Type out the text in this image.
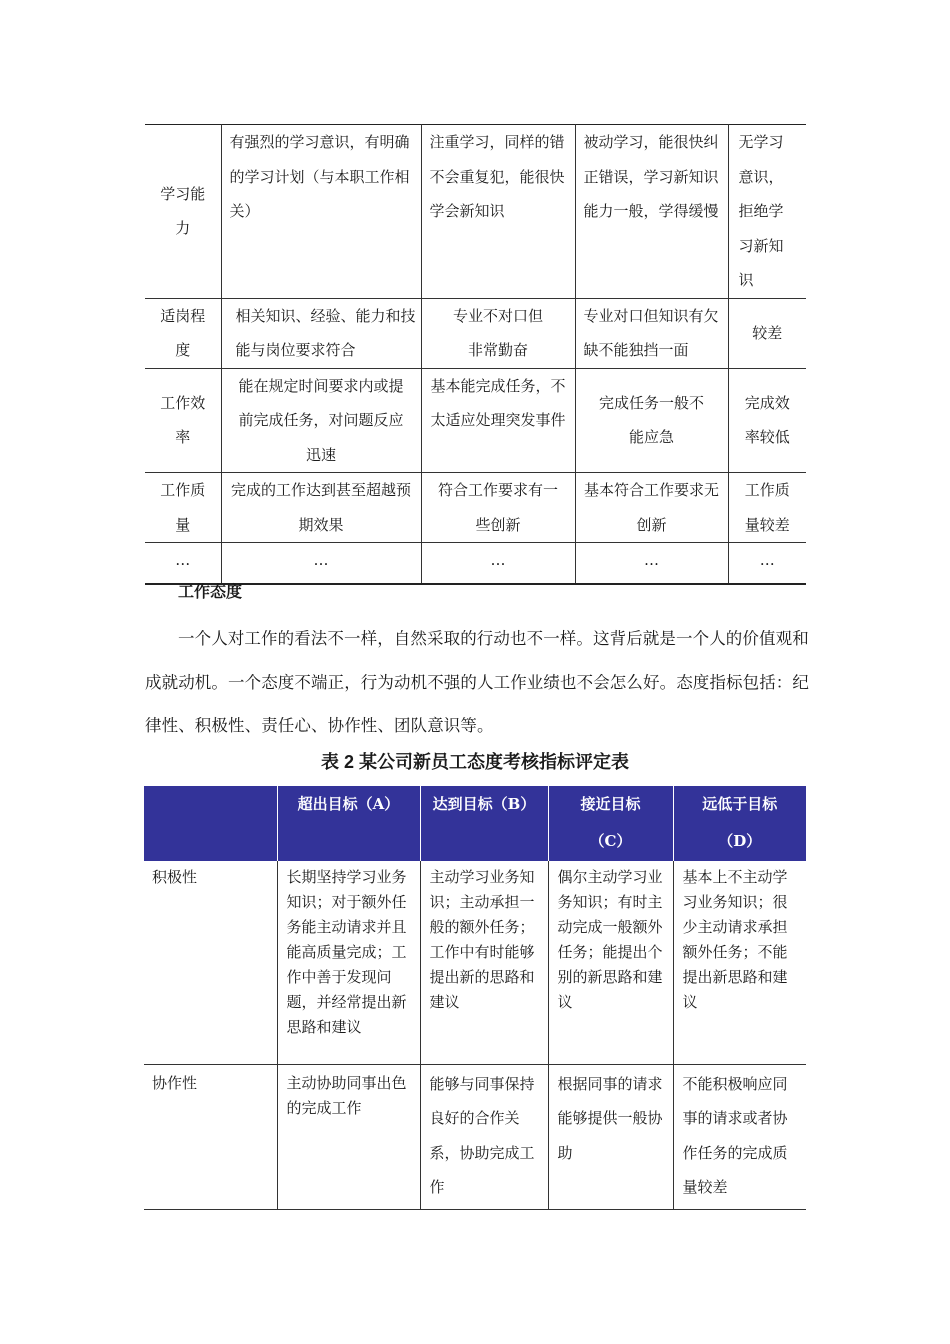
学习能力	有强烈的学习意识，有明确的学习计划（与本职工作相关）	注重学习，同样的错不会重复犯，能很快学会新知识	被动学习，能很快纠正错误，学习新知识能力一般，学得缓慢	无学习意识，拒绝学习新知识

适岗程度	相关知识、经验、能力和技能与岗位要求符合	专业不对口但非常勤奋	专业对口但知识有欠缺不能独挡一面	较差

工作效率	能在规定时间要求内或提前完成任务，对问题反应迅速	基本能完成任务，不太适应处理突发事件	完成任务一般不能应急	完成效率较低

工作质量	完成的工作达到甚至超越预期效果	符合工作要求有一些创新	基本符合工作要求无创新	工作质量较差

…	…	…	…	…
工作态度
一个人对工作的看法不一样，自然采取的行动也不一样。这背后就是一个人的价值观和成就动机。一个态度不端正，行为动机不强的人工作业绩也不会怎么好。态度指标包括：纪律性、积极性、责任心、协作性、团队意识等。
表 2 某公司新员工态度考核指标评定表
	超出目标（A）	达到目标（B）	接近目标（C）	远低于目标（D）
积极性	长期坚持学习业务知识；对于额外任务能主动请求并且能高质量完成；工作中善于发现问题，并经常提出新思路和建议	主动学习业务知识；主动承担一般的额外任务；工作中有时能够提出新的思路和建议	偶尔主动学习业务知识；有时主动完成一般额外任务；能提出个别的新思路和建议	基本上不主动学习业务知识；很少主动请求承担额外任务；不能提出新思路和建议
协作性	主动协助同事出色的完成工作	能够与同事保持良好的合作关系，协助完成工作	根据同事的请求能够提供一般协助	不能积极响应同事的请求或者协作任务的完成质量较差
